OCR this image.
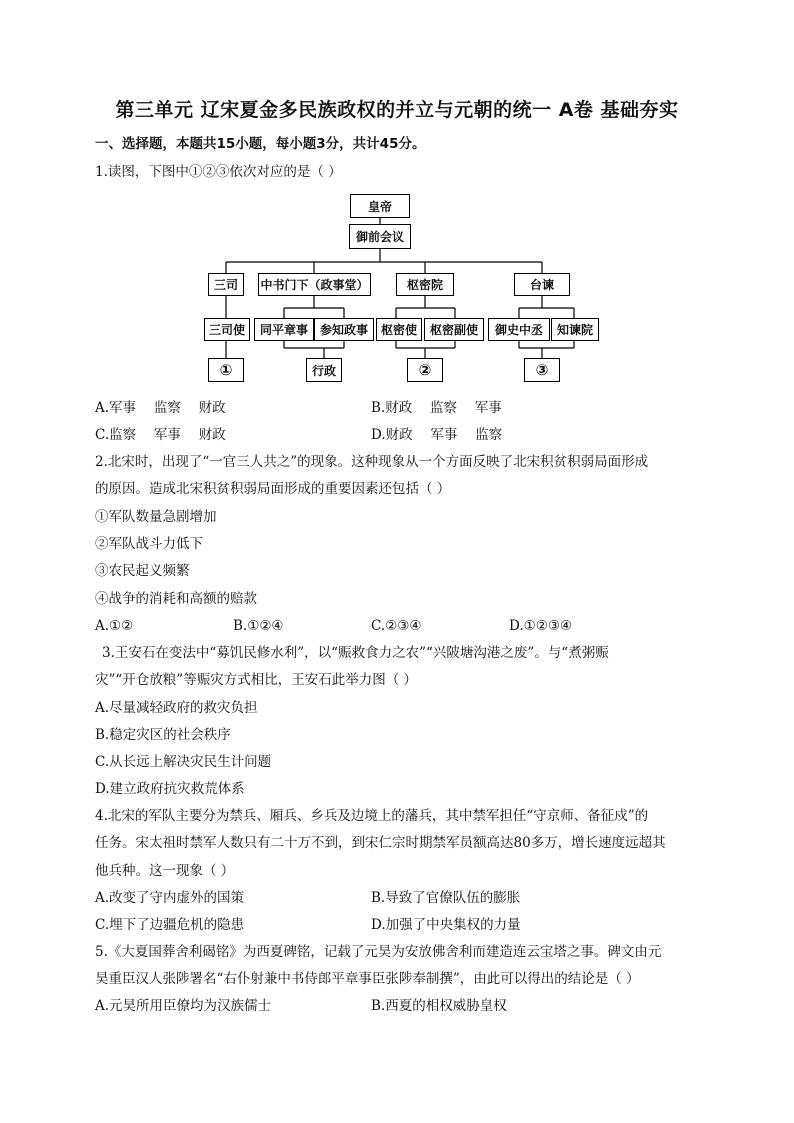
第三单元 辽宋夏金多民族政权的并立与元朝的统一 A卷 基础夯实
一、选择题，本题共15小题，每小题3分，共计45分。
1.读图，下图中①②③依次对应的是（ ）
皇帝
御前会议
三司	中书门下（政事堂）	枢密院	台谏
三司使	同平章事 参知政事	枢密使	枢密副使	御史中丞	知谏院
①	行政	②	③
A.军事　 监察　 财政	B.财政　 监察　 军事
C.监察　 军事　 财政	D.财政　 军事　 监察
2.北宋时，出现了“一官三人共之”的现象。这种现象从一个方面反映了北宋积贫积弱局面形成
的原因。造成北宋积贫积弱局面形成的重要因素还包括（ ）
①军队数量急剧增加
②军队战斗力低下
③农民起义频繁
④战争的消耗和高额的赔款
A.①②	B.①②④	C.②③④	D.①②③④
3.王安石在变法中“募饥民修水利”，以“赈救食力之农”“兴陂塘沟港之废”。与“煮粥赈
灾”“开仓放粮”等赈灾方式相比，王安石此举力图（ ）
A.尽量减轻政府的救灾负担
B.稳定灾区的社会秩序
C.从长远上解决灾民生计问题
D.建立政府抗灾救荒体系
4.北宋的军队主要分为禁兵、厢兵、乡兵及边境上的藩兵，其中禁军担任“守京师、备征戍”的
任务。宋太祖时禁军人数只有二十万不到，到宋仁宗时期禁军员额高达80多万，增长速度远超其
他兵种。这一现象（ ）
A.改变了守内虚外的国策	B.导致了官僚队伍的膨胀
C.埋下了边疆危机的隐患	D.加强了中央集权的力量
5.《大夏国葬舍利碣铭》为西夏碑铭，记载了元昊为安放佛舍利而建造连云宝塔之事。碑文由元
昊重臣汉人张陟署名“右仆射兼中书侍郎平章事臣张陟奉制撰”，由此可以得出的结论是（ ）
A.元昊所用臣僚均为汉族儒士	B.西夏的相权威胁皇权
